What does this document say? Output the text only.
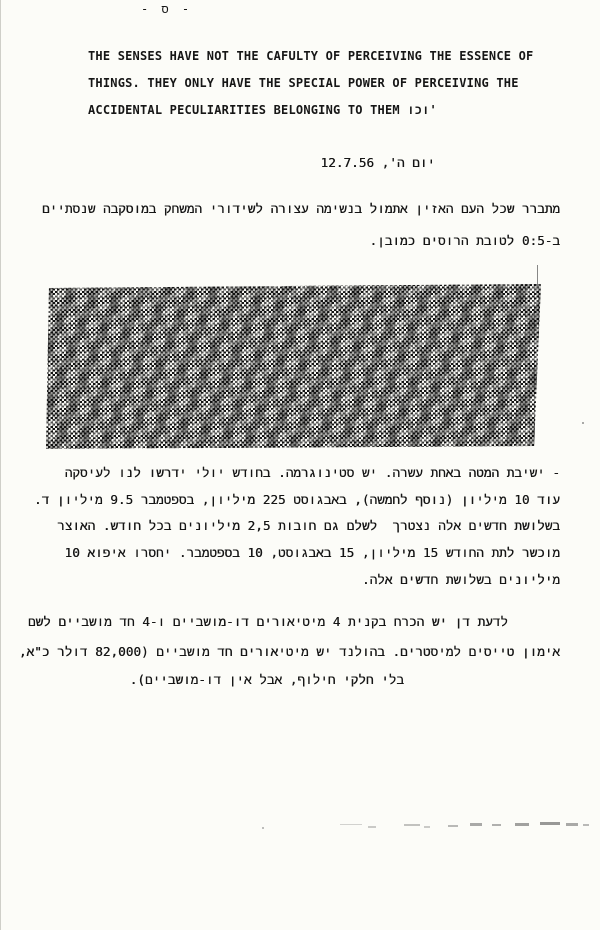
- ס -
THE SENSES HAVE NOT THE CAFULTY OF PERCEIVING THE ESSENCE OF
THINGS. THEY ONLY HAVE THE SPECIAL POWER OF PERCEIVING THE
ACCIDENTAL PECULIARITIES BELONGING TO THEM וכו'
יום ה', 12.7.56
מתברר שכל העם האזין אתמול בנשימה עצורה לשידורי המשחק במוסקבה שנסתיים
ב-0:5 לטובת הרוסים כמובן.
- ישיבת המטה באחת עשרה. יש סטינוגרמה. בחודש יולי ידרשו לנו לעיסקה
עוד 10 מיליון (נוסף לחמשה), באבגוסט 225 מיליון, בספטמבר 9.5 מיליון ד.
בשלושת חדשים אלה נצטרך  לשלם גם חובות 2,5 מיליונים בכל חודש. האוצר
מוכשר לתת החודש 15 מיליון, 15 באבגוסט, 10 בספטמבר. יחסרו איפוא 10
מיליונים בשלושת חדשים אלה.
לדעת דן יש הכרח בקנית 4 מיטיאורים דו-מושביים ו-4 חד מושביים לשם
אימון טייסים למיסטרים. בהולנד יש מיטיאורים חד מושביים (82,000 דולר כ"א,
בלי חלקי חילוף, אבל אין דו-מושביים).
